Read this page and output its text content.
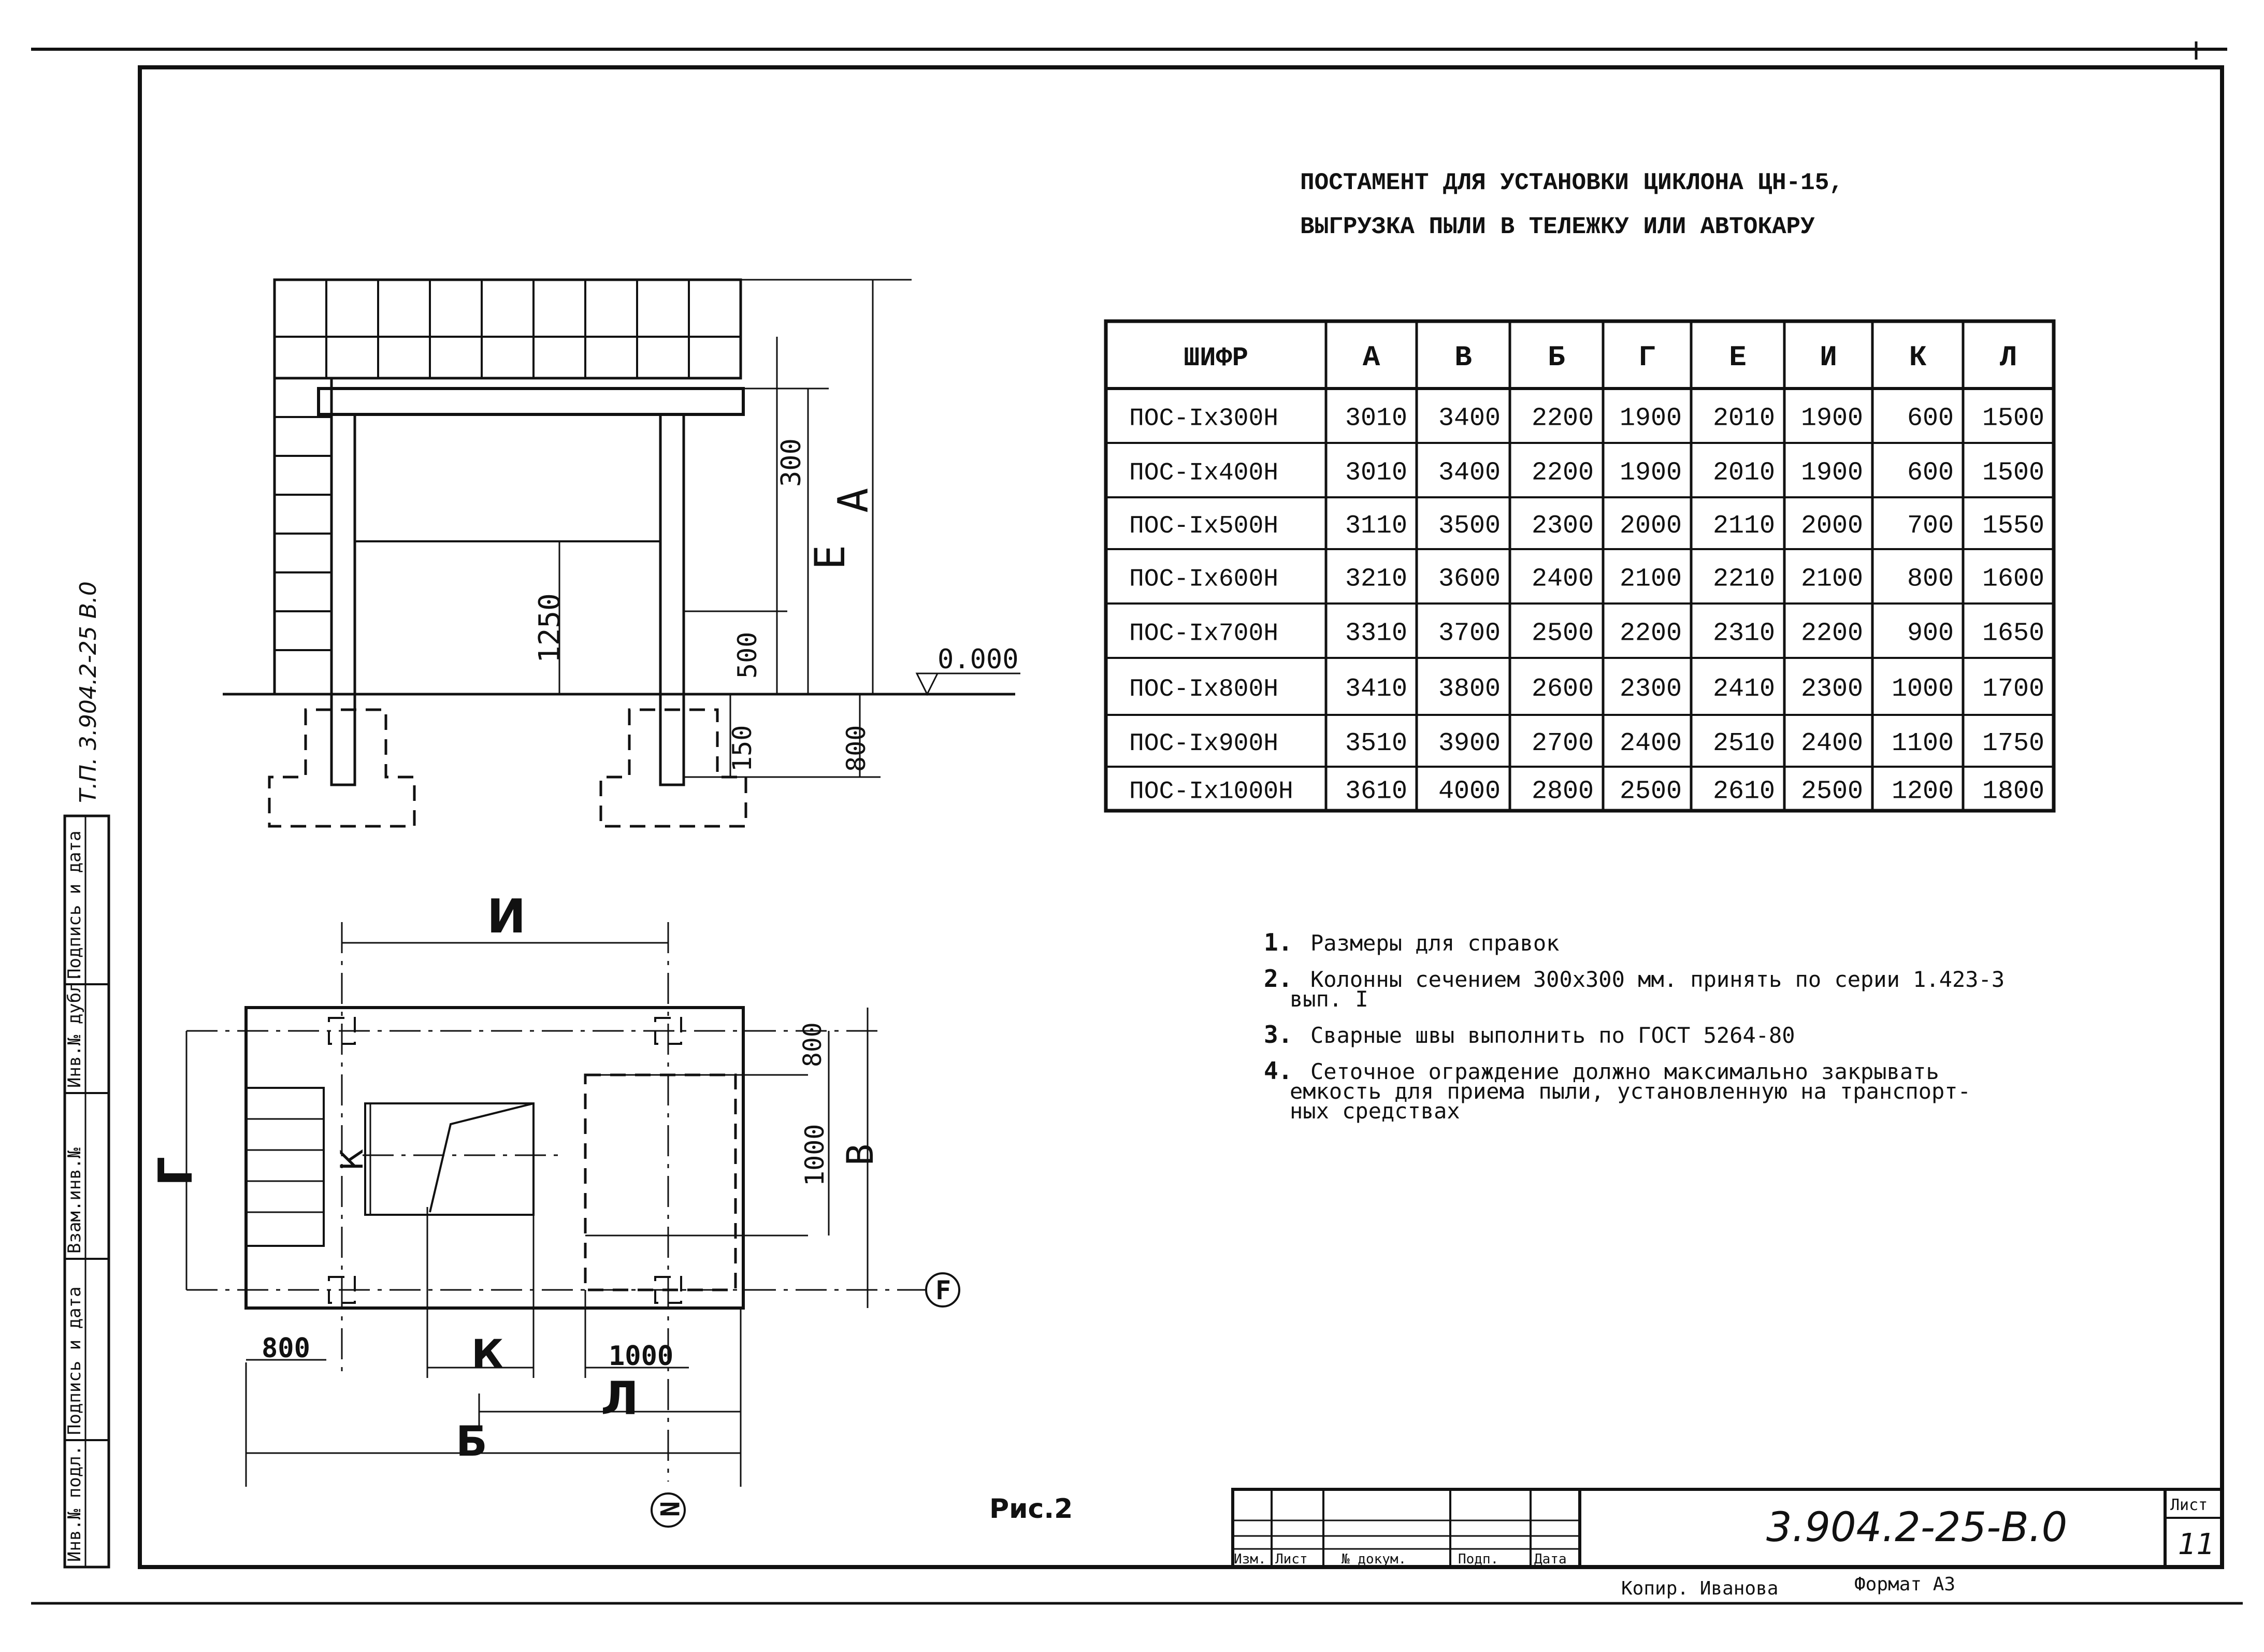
Инв.№ подл.
Подпись и дата
Взам.инв.№
Инв.№ дубл.
Подпись и дата
Т.П. 3.904.2-25 В.0
ПОСТАМЕНТ ДЛЯ УСТАНОВКИ ЦИКЛОНА ЦН-15,
ВЫГРУЗКА ПЫЛИ В ТЕЛЕЖКУ ИЛИ АВТОКАРУ
ШИФР	А	В	Б	Г	Е	И К	Л
ПОС-Iх300Н	3010 3400 2200 1900 2010 1900 600 1500
ПОС-Iх400Н	3010 3400 2200 1900 2010 1900 600 1500
ПОС-Iх500Н	3110 3500 2300 2000 2110 2000 700 1550
ПОС-Iх600Н	3210 3600 2400 2100 2210 2100 800 1600
ПОС-Iх700Н	3310 3700 2500 2200 2310 2200 900 1650
ПОС-Iх800Н	3410 3800 2600 2300 2410 2300 1000 1700
ПОС-Iх900Н	3510 3900 2700 2400 2510 2400 1100 1750
ПОС-Iх1000Н 3610 4000 2800 2500 2610 2500 1200 1800
1. Размеры для справок
2. Колонны сечением 300х300 мм. принять по серии 1.423-3
вып. I
3. Сварные швы выполнить по ГОСТ 5264-80
4. Сеточное ограждение должно максимально закрывать
емкость для приема пыли, установленную на транспорт-
ных средствах
300
Е
А
1250	500
150	800
0.000
И
Г
800
1000 В
К
800	К	1000
Л
Б
F
N	Рис.2
Изм. Лист	№ докум.	Подп.	Дата
3.904.2-25-В.0	Лист
11
Копир. Иванова	Формат А3
